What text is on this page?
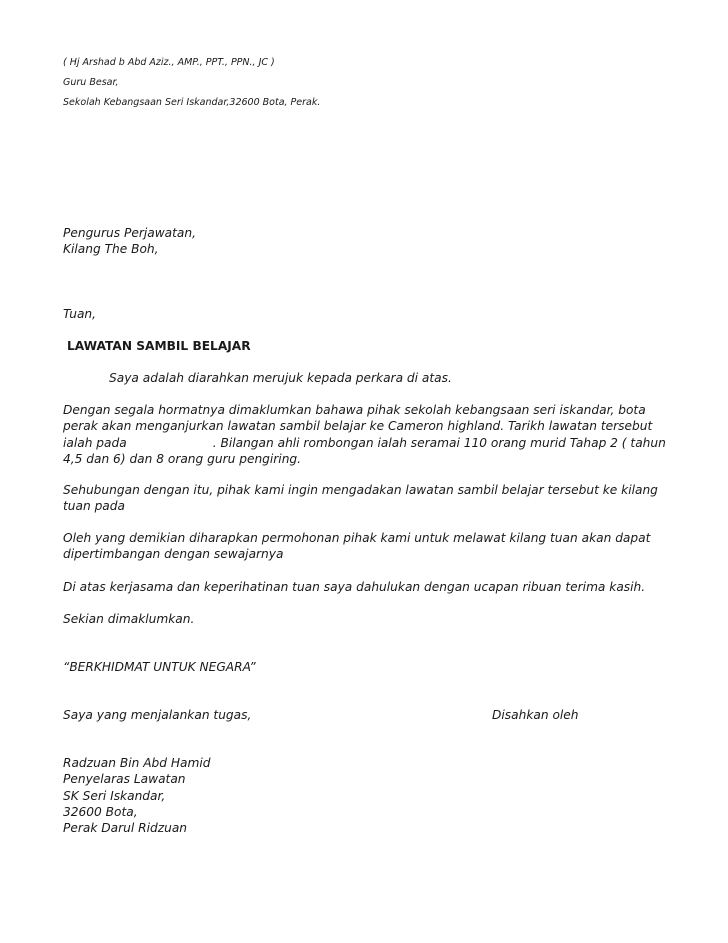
( Hj Arshad b Abd Aziz., AMP., PPT., PPN., JC )
Guru Besar,
Sekolah Kebangsaan Seri Iskandar,32600 Bota, Perak.
Pengurus Perjawatan,
Kilang The Boh,
Tuan,
LAWATAN SAMBIL BELAJAR
Saya adalah diarahkan merujuk kepada perkara di atas.
Dengan segala hormatnya dimaklumkan bahawa pihak sekolah kebangsaan seri iskandar, bota
perak akan menganjurkan lawatan sambil belajar ke Cameron highland. Tarikh lawatan tersebut
ialah pada	. Bilangan ahli rombongan ialah seramai 110 orang murid Tahap 2 ( tahun
4,5 dan 6) dan 8 orang guru pengiring.
Sehubungan dengan itu, pihak kami ingin mengadakan lawatan sambil belajar tersebut ke kilang
tuan pada
Oleh yang demikian diharapkan permohonan pihak kami untuk melawat kilang tuan akan dapat
dipertimbangan dengan sewajarnya
Di atas kerjasama dan keperihatinan tuan saya dahulukan dengan ucapan ribuan terima kasih.
Sekian dimaklumkan.
“BERKHIDMAT UNTUK NEGARA”
Saya yang menjalankan tugas,	Disahkan oleh
Radzuan Bin Abd Hamid
Penyelaras Lawatan
SK Seri Iskandar,
32600 Bota,
Perak Darul Ridzuan
